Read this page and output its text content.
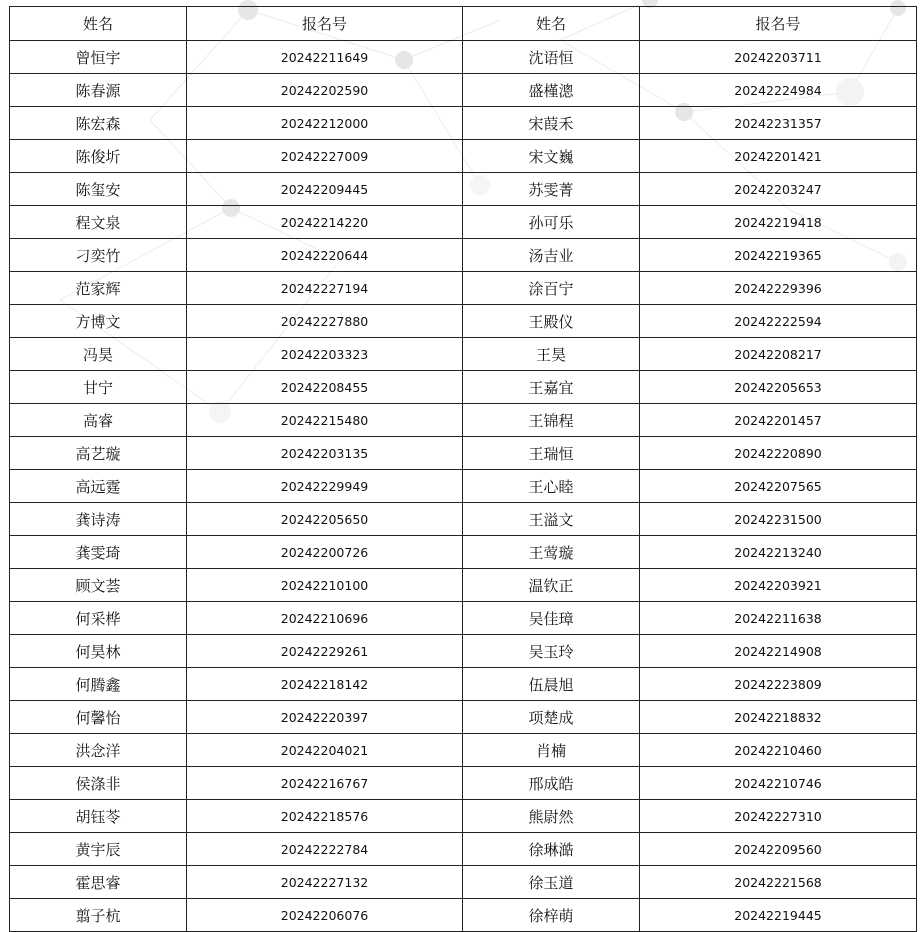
姓名	报名号	姓名	报名号
曾恒宇	20242211649	沈语恒	20242203711
陈春源	20242202590	盛槿漗	20242224984
陈宏森	20242212000	宋葭禾	20242231357
陈俊圻	20242227009	宋文巍	20242201421
陈玺安	20242209445	苏雯菁	20242203247
程文泉	20242214220	孙可乐	20242219418
刁奕竹	20242220644	汤吉业	20242219365
范家辉	20242227194	涂百宁	20242229396
方博文	20242227880	王殿仪	20242222594
冯昊	20242203323	王昊	20242208217
甘宁	20242208455	王嘉宜	20242205653
高睿	20242215480	王锦程	20242201457
高艺璇	20242203135	王瑞恒	20242220890
高远霆	20242229949	王心睦	20242207565
龚诗涛	20242205650	王溢文	20242231500
龚雯琦	20242200726	王莺璇	20242213240
顾文荟	20242210100	温钦正	20242203921
何采桦	20242210696	吴佳璋	20242211638
何昊林	20242229261	吴玉玲	20242214908
何腾鑫	20242218142	伍晨旭	20242223809
何馨怡	20242220397	项楚成	20242218832
洪念洋	20242204021	肖楠	20242210460
侯涤非	20242216767	邢成皓	20242210746
胡钰苓	20242218576	熊尉然	20242227310
黄宇辰	20242222784	徐琳澔	20242209560
霍思睿	20242227132	徐玉道	20242221568
翦子杭	20242206076	徐梓萌	20242219445
